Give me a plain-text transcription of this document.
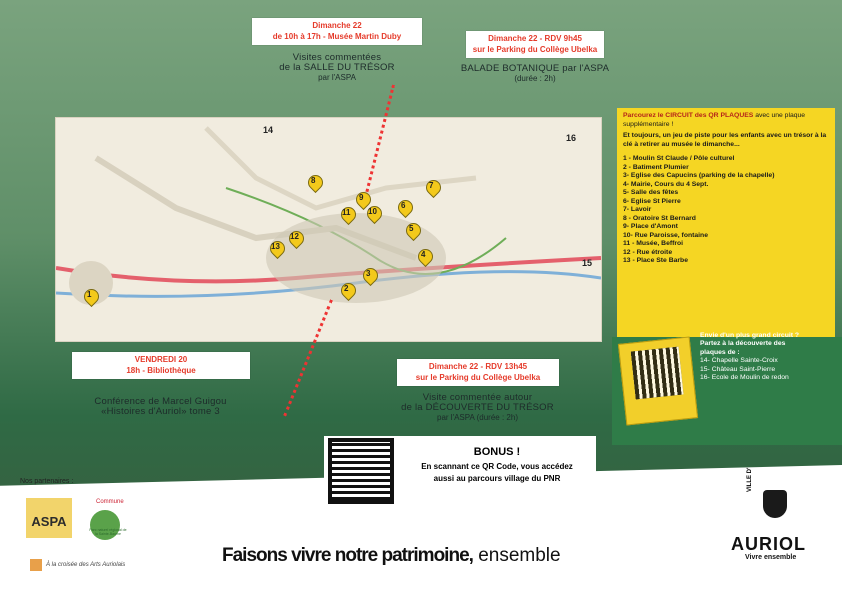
1
2
3
4
5
6
7
8
9
10
11
12
13
14
15
16
Dimanche 22
de 10h à 17h - Musée Martin Duby
Visites commentées
de la SALLE DU TRÉSOR
par l'ASPA
Dimanche 22 - RDV 9h45
sur le Parking du Collège Ubelka
BALADE BOTANIQUE par l'ASPA
(durée : 2h)
VENDREDI 20
18h - Bibliothèque
Conférence de Marcel Guigou
«Histoires d'Auriol» tome 3
Dimanche 22 - RDV 13h45
sur le Parking du Collège Ubelka
Visite commentée autour
de la DÉCOUVERTE DU TRÉSOR
par l'ASPA (durée : 2h)
Parcourez le CIRCUIT des QR PLAQUES avec une plaque supplémentaire !
Et toujours, un jeu de piste pour les enfants avec un trésor à la clé à retirer au musée le dimanche...
1 - Moulin St Claude / Pôle culturel
2 - Batiment Plumier
3- Eglise des Capucins (parking de la chapelle)
4- Mairie, Cours du 4 Sept.
5- Salle des fêtes
6- Eglise St Pierre
7- Lavoir
8 - Oratoire St Bernard
9- Place d'Amont
10- Rue Paroisse, fontaine
11 - Musée, Beffroi
12 - Rue étroite
13 - Place Ste Barbe
Envie d'un plus grand circuit ?
Partez à la découverte des
plaques de :
14- Chapelle Sainte-Croix
15- Château Saint-Pierre
16- Ecole de Moulin de redon
BONUS !
En scannant ce QR Code, vous accédez
aussi au parcours village du PNR
Nos partenaires :
ASPA
Commune
Parc naturel régional de la Sainte-Baume
À la croisée des Arts Auriolais	Faisons vivre notre patrimoine, ensemble
VILLE D'
AURIOL
Vivre ensemble
